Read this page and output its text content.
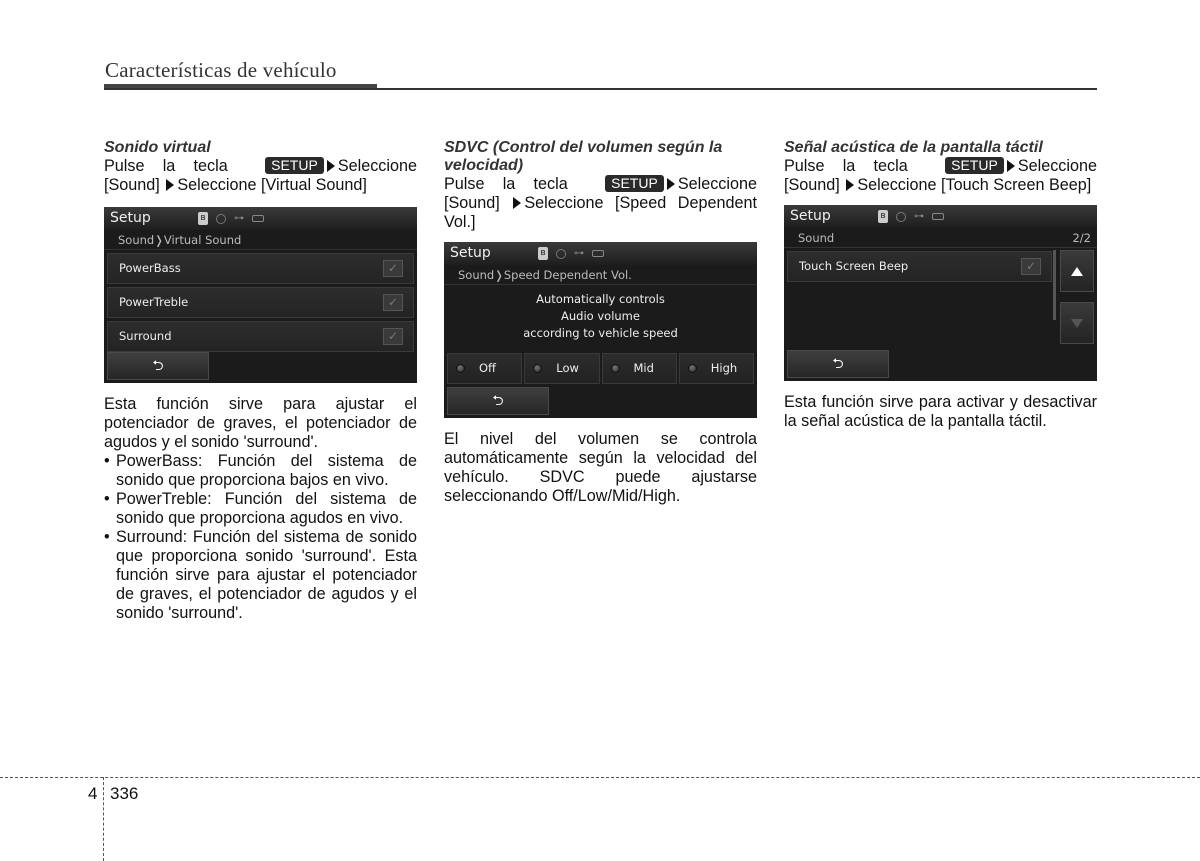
Características de vehículo
Sonido virtual
Pulse la tecla	SETUP Seleccione [Sound] Seleccione [Virtual Sound]
Setup	ʙ	⊶
Sound❭Virtual Sound
PowerBass	✓
PowerTreble	✓
Surround	✓
⮌
Esta función sirve para ajustar el potenciador de graves, el potenciador de agudos y el sonido 'surround'.
• PowerBass: Función del sistema de sonido que proporciona bajos en vivo.
• PowerTreble: Función del sistema de sonido que proporciona agudos en vivo.
• Surround: Función del sistema de sonido que proporciona sonido 'surround'. Esta función sirve para ajustar el potenciador de graves, el potenciador de agudos y el sonido 'surround'.
SDVC (Control del volumen según la velocidad)
Pulse la tecla	SETUP Seleccione [Sound] Seleccione [Speed Dependent Vol.]
Setup	ʙ	⊶
Sound❭Speed Dependent Vol.
Automatically controls
Audio volume
according to vehicle speed
Off	Low	Mid	High
⮌
El nivel del volumen se controla automáticamente según la velocidad del vehículo. SDVC puede ajustarse seleccionando Off/Low/Mid/High.
Señal acústica de la pantalla táctil
Pulse la tecla	SETUP Seleccione [Sound] Seleccione [Touch Screen Beep]
Setup	ʙ	⊶
Sound	2/2
Touch Screen Beep	✓
⮌
Esta función sirve para activar y desactivar la señal acústica de la pantalla táctil.
4 336
